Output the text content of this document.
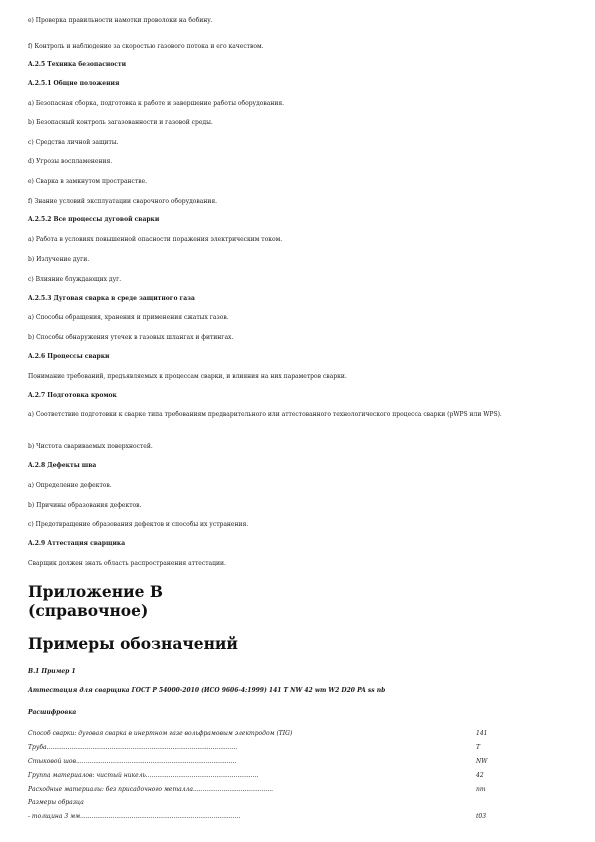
e) Проверка правильности намотки проволоки на бобину.
f) Контроль и наблюдение за скоростью газового потока и его качеством.
A.2.5 Техника безопасности
A.2.5.1 Общие положения
a) Безопасная сборка, подготовка к работе и завершение работы оборудования.
b) Безопасный контроль загазованности и газовой среды.
c) Средства личной защиты.
d) Угрозы воспламенения.
e) Сварка в замкнутом пространстве.
f) Знание условий эксплуатации сварочного оборудования.
A.2.5.2 Все процессы дуговой сварки
a) Работа в условиях повышенной опасности поражения электрическим током.
b) Излучение дуги.
c) Влияние блуждающих дуг.
A.2.5.3 Дуговая сварка в среде защитного газа
a) Способы обращения, хранения и применения сжатых газов.
b) Способы обнаружения утечек в газовых шлангах и фитингах.
A.2.6 Процессы сварки
Понимание требований, предъявляемых к процессам сварки, и влияния на них параметров сварки.
A.2.7 Подготовка кромок
a) Соответствие подготовки к сварке типа требованиям предварительного или аттестованного технологического процесса сварки (pWPS или WPS).
b) Чистота свариваемых поверхностей.
A.2.8 Дефекты шва
a) Определение дефектов.
b) Причины образования дефектов.
c) Предотвращение образования дефектов и способы их устранения.
A.2.9 Аттестация сварщика
Сварщик должен знать область распространения аттестации.
Приложение В
(справочное)
Примеры обозначений
В.1 Пример 1
Аттестация для сварщика ГОСТ Р 54000-2010 (ИСО 9606-4:1999) 141 T NW 42 wm W2 D20 PA ss nb
Расшифровка
Способ сварки: дуговая сварка в инертном газе вольфрамовым электродом (TIG)	141
Труба....................................................................................................	T
Стыковой шов....................................................................................	NW
Группа материалов: чистый никель...........................................................	42
Расходные материалы: без присадочного металла..........................................	nm
Размеры образца
- толщина 3 мм....................................................................................	t03
